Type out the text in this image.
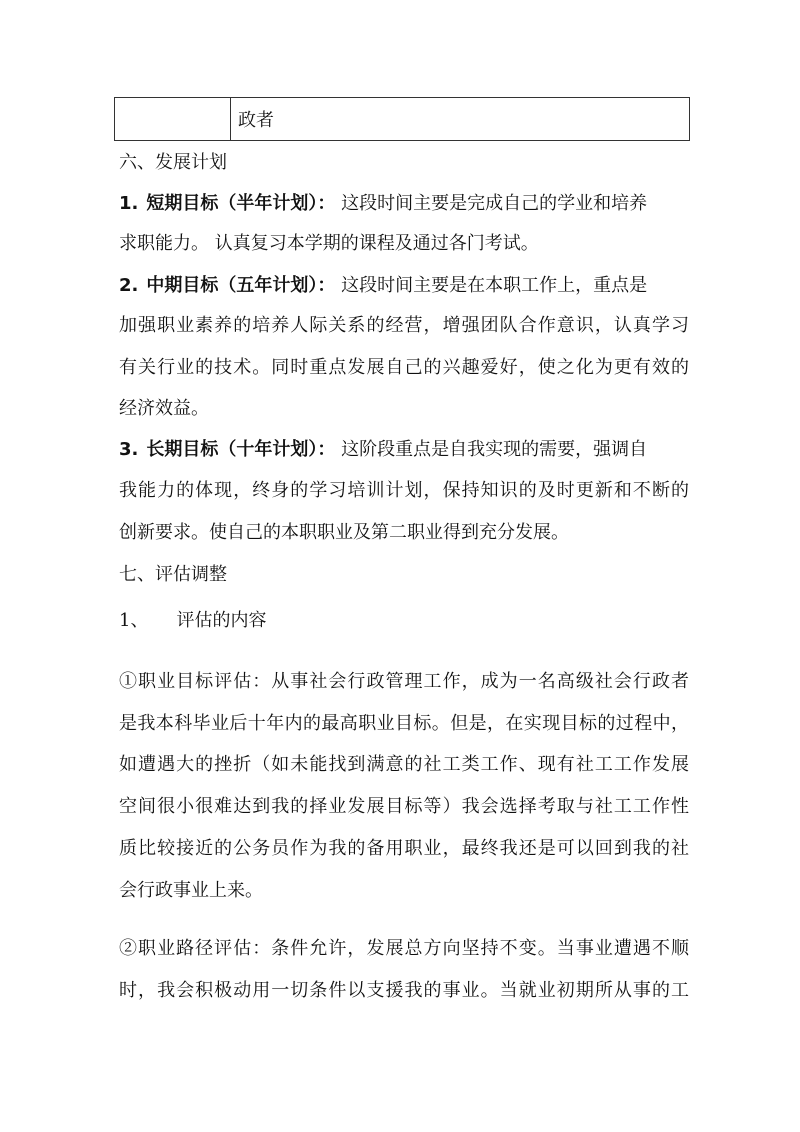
	政者
六、发展计划
1. 短期目标（半年计划）： 这段时间主要是完成自己的学业和培养
求职能力。 认真复习本学期的课程及通过各门考试。
2. 中期目标（五年计划）： 这段时间主要是在本职工作上，重点是
加强职业素养的培养人际关系的经营，增强团队合作意识，认真学习
有关行业的技术。同时重点发展自己的兴趣爱好，使之化为更有效的
经济效益。
3. 长期目标（十年计划）： 这阶段重点是自我实现的需要，强调自
我能力的体现，终身的学习培训计划，保持知识的及时更新和不断的
创新要求。使自己的本职职业及第二职业得到充分发展。
七、评估调整
1、 评估的内容
①职业目标评估：从事社会行政管理工作，成为一名高级社会行政者
是我本科毕业后十年内的最高职业目标。但是，在实现目标的过程中，
如遭遇大的挫折（如未能找到满意的社工类工作、现有社工工作发展
空间很小很难达到我的择业发展目标等）我会选择考取与社工工作性
质比较接近的公务员作为我的备用职业，最终我还是可以回到我的社
会行政事业上来。
②职业路径评估：条件允许，发展总方向坚持不变。当事业遭遇不顺
时，我会积极动用一切条件以支援我的事业。当就业初期所从事的工
